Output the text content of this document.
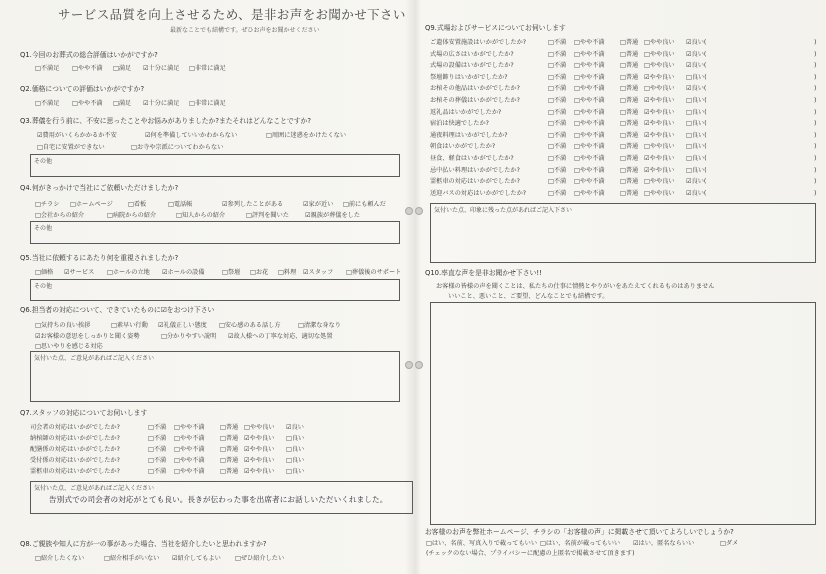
サービス品質を向上させるため、是非お声をお聞かせ下さい
最新なことでも結構です。ぜひお声をお聞かせください
Q1.今回のお葬式の総合評価はいかがですか?
□不満足 □やや不満 □満足 ☑十分に満足 □非常に満足
Q2.価格についての評価はいかがですか?
□不満足 □やや不満 □満足 ☑十分に満足 □非常に満足
Q3.葬儀を行う前に、不安に思ったことやお悩みがありましたか?またそれはどんなことですか?
☑費用がいくらかかるか不安	☑何を準備していいかわからない	□周囲に迷惑をかけたくない
□自宅に安置ができない	□お寺や宗派についてわからない
その他
Q4.何がきっかけで当社にご依頼いただけましたか?
□チラシ □ホームページ □看板	□電話帳	☑参列したことがある	☑家が近い □前にも頼んだ
□会社からの紹介	□病院からの紹介	□知人からの紹介	□評判を聞いた	☑親族が葬儀をした
その他
Q5.当社に依頼するにあたり何を重視されましたか?
□価格 ☑サービス □ホールの立地 ☑ホールの設備	□祭壇 □お花 □料理 ☑スタッフ □葬儀後のサポート
その他
Q6.担当者の対応について、できていたものに☑をおつけ下さい
□気持ちの良い挨拶	□素早い行動 ☑礼儀正しい態度 □安心感のある話し方	□清潔な身なり
☑お客様の意思をしっかりと聞く姿勢	□分かりやすい説明 ☑故人様への丁寧な対応、適切な処置
□思いやりを感じる対応
気付いた点、ご意見があればご記入ください
Q7.スタッフの対応についてお伺いします
司会者の対応はいかがでしたか?	□不満 □やや不満 □普通 □やや良い ☑良い
納棺師の対応はいかがでしたか?	□不満 □やや不満 □普通 ☑やや良い □良い
配膳係の対応はいかがでしたか?	□不満 □やや不満 □普通 ☑やや良い □良い
受付係の対応はいかがでしたか?	□不満 □やや不満 □普通 ☑やや良い □良い
霊柩車の対応はいかがでしたか?	□不満 □やや不満 □普通 ☑やや良い □良い
気付いた点、ご意見があればご記入ください
告別式での司会者の対応がとても良い。長きが伝わった事を出席者にお話しいただいくれました。
Q8.ご親族や知人に方が一の事があった場合、当社を紹介したいと思われますか?
□紹介したくない	□紹介相手がいない ☑紹介してもよい □ぜひ紹介したい
Q9.式場およびサービスについてお伺いします
ご遺体安置施設はいかがでしたか?	□不満 □やや不満 □普通 □やや良い ☑良い(	)
式場の広さはいかがでしたか?	□不満 □やや不満 □普通 □やや良い ☑良い(	)
式場の設備はいかがでしたか?	□不満 □やや不満 □普通 □やや良い ☑良い(	)
祭壇飾りはいかがでしたか?	□不満 □やや不満 □普通 ☑やや良い □良い(	)
お棺その他品はいかがでしたか?	□不満 □やや不満 □普通 □やや良い ☑良い(	)
お棺その葬儀はいかがでしたか?	□不満 □やや不満 □普通 ☑やや良い □良い(	)
返礼品はいかがでしたか?	□不満 □やや不満 □普通 ☑やや良い □良い(	)
宿泊は快適でしたか?	□不満 □やや不満 □普通 ☑やや良い □良い(	)
通夜料理はいかがでしたか?	□不満 □やや不満 □普通 ☑やや良い □良い(	)
朝食はいかがでしたか?	□不満 □やや不満 □普通 □やや良い □良い(	)
昼食、軽食はいかがでしたか?	□不満 □やや不満 □普通 ☑やや良い □良い(	)
忌中払い料理はいかがでしたか?	□不満 □やや不満 □普通 ☑やや良い □良い(	)
霊柩車の対応はいかがでしたか?	□不満 □やや不満 □普通 □やや良い ☑良い(	)
送迎バスの対応はいかがでしたか?	□不満 □やや不満 □普通 □やや良い ☑良い(	)
気付いた点、印象に残った点があればご記入下さい
Q10.率直な声を是非お聞かせ下さい!!
お客様の皆様の声を聞くことは、私たちの仕事に情熱とやりがいをあたえてくれるものはありません
いいこと、悪いこと、ご要望、どんなことでも結構です。
お客様のお声を弊社ホームページ、チラシの「お客様の声」に掲載させて頂いてよろしいでしょうか?
□はい、名前、写真入りで載ってもいい □はい、名前が載ってもいい ☑はい、匿名ならいい	□ダメ
(チェックのない場合、プライバシーに配慮の上匿名で掲載させて頂きます)
